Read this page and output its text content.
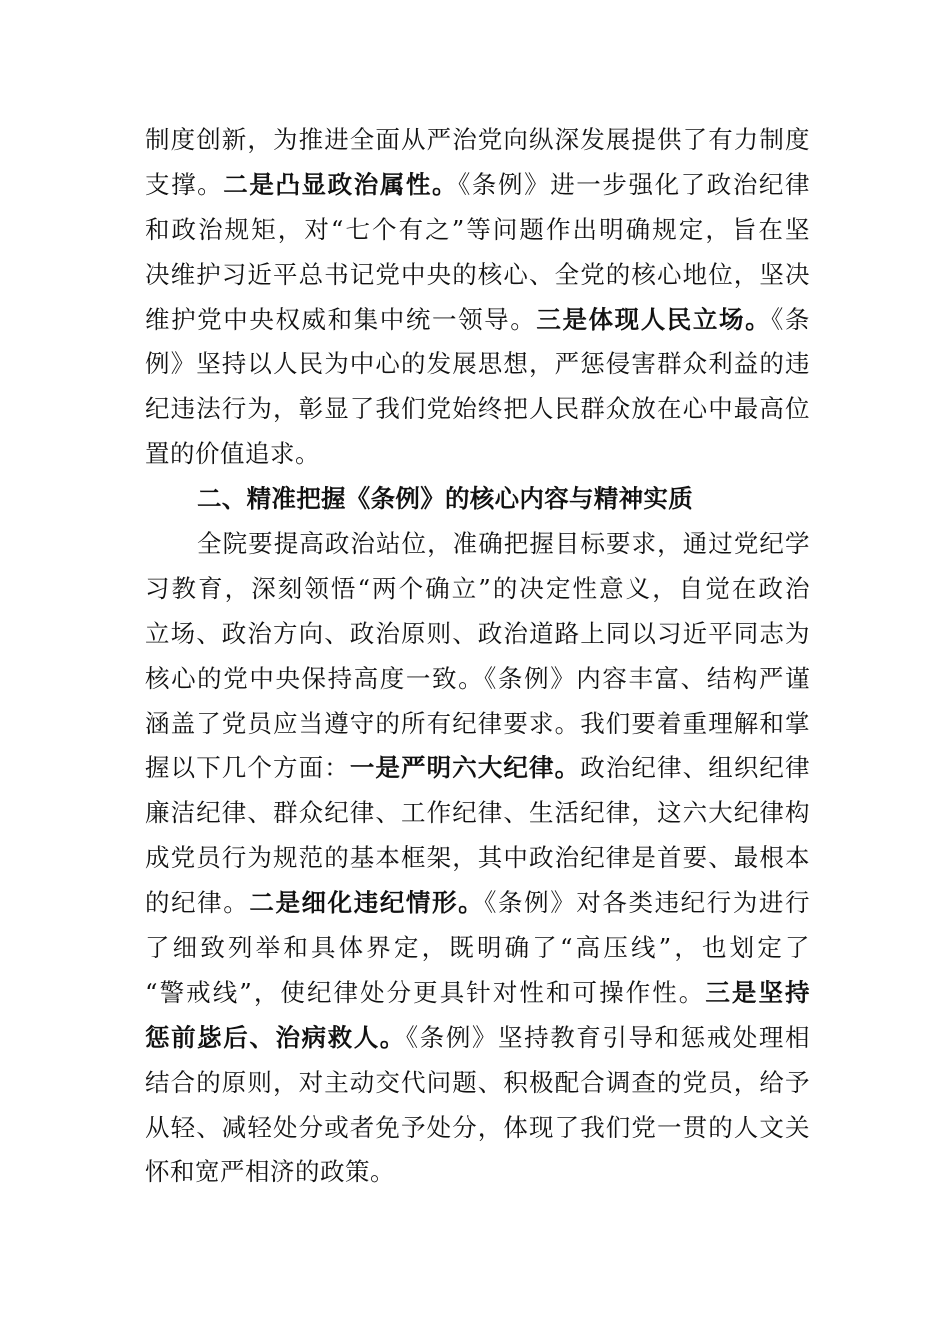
制度创新，为推进全面从严治党向纵深发展提供了有力制度
支撑。二是凸显政治属性。《条例》进一步强化了政治纪律
和政治规矩，对“七个有之”等问题作出明确规定，旨在坚
决维护习近平总书记党中央的核心、全党的核心地位，坚决
维护党中央权威和集中统一领导。三是体现人民立场。《条
例》坚持以人民为中心的发展思想，严惩侵害群众利益的违
纪违法行为，彰显了我们党始终把人民群众放在心中最高位
置的价值追求。
二、精准把握《条例》的核心内容与精神实质
全院要提高政治站位，准确把握目标要求，通过党纪学
习教育，深刻领悟“两个确立”的决定性意义，自觉在政治
立场、政治方向、政治原则、政治道路上同以习近平同志为
核心的党中央保持高度一致。《条例》内容丰富、结构严谨
涵盖了党员应当遵守的所有纪律要求。我们要着重理解和掌
握以下几个方面：一是严明六大纪律。政治纪律、组织纪律
廉洁纪律、群众纪律、工作纪律、生活纪律，这六大纪律构
成党员行为规范的基本框架，其中政治纪律是首要、最根本
的纪律。二是细化违纪情形。《条例》对各类违纪行为进行
了细致列举和具体界定，既明确了“高压线”，也划定了
“警戒线”，使纪律处分更具针对性和可操作性。三是坚持
惩前毖后、治病救人。《条例》坚持教育引导和惩戒处理相
结合的原则，对主动交代问题、积极配合调查的党员，给予
从轻、减轻处分或者免予处分，体现了我们党一贯的人文关
怀和宽严相济的政策。
